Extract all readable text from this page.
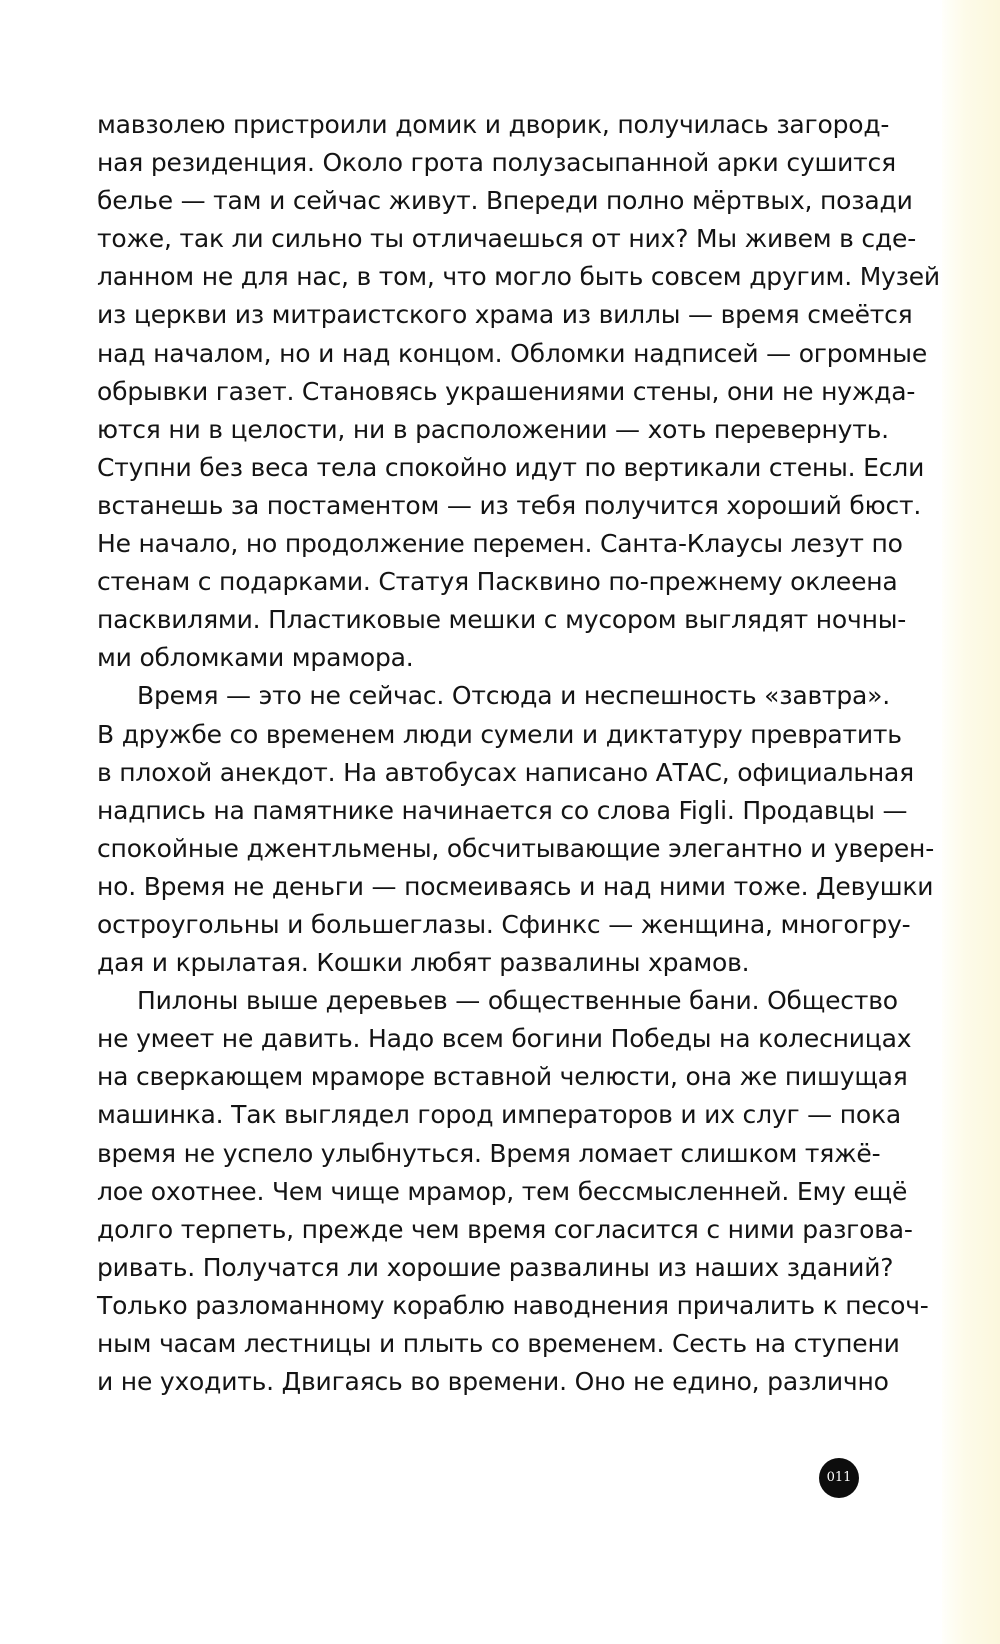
мавзолею пристроили домик и дворик, получилась загород-
ная резиденция. Около грота полузасыпанной арки сушится
белье — там и сейчас живут. Впереди полно мёртвых, позади
тоже, так ли сильно ты отличаешься от них? Мы живем в сде-
ланном не для нас, в том, что могло быть совсем другим. Музей
из церкви из митраистского храма из виллы — время смеётся
над началом, но и над концом. Обломки надписей — огромные
обрывки газет. Становясь украшениями стены, они не нужда-
ются ни в целости, ни в расположении — хоть перевернуть.
Ступни без веса тела спокойно идут по вертикали стены. Если
встанешь за постаментом — из тебя получится хороший бюст.
Не начало, но продолжение перемен. Санта-Клаусы лезут по
стенам с подарками. Статуя Пасквино по-прежнему оклеена
пасквилями. Пластиковые мешки с мусором выглядят ночны-
ми обломками мрамора.
Время — это не сейчас. Отсюда и неспешность «завтра».
В дружбе со временем люди сумели и диктатуру превратить
в плохой анекдот. На автобусах написано АТАС, официальная
надпись на памятнике начинается со слова Figli. Продавцы —
спокойные джентльмены, обсчитывающие элегантно и уверен-
но. Время не деньги — посмеиваясь и над ними тоже. Девушки
остроугольны и большеглазы. Сфинкс — женщина, многогру-
дая и крылатая. Кошки любят развалины храмов.
Пилоны выше деревьев — общественные бани. Общество
не умеет не давить. Надо всем богини Победы на колесницах
на сверкающем мраморе вставной челюсти, она же пишущая
машинка. Так выглядел город императоров и их слуг — пока
время не успело улыбнуться. Время ломает слишком тяжё-
лое охотнее. Чем чище мрамор, тем бессмысленней. Ему ещё
долго терпеть, прежде чем время согласится с ними разгова-
ривать. Получатся ли хорошие развалины из наших зданий?
Только разломанному кораблю наводнения причалить к песоч-
ным часам лестницы и плыть со временем. Сесть на ступени
и не уходить. Двигаясь во времени. Оно не едино, различно
011
